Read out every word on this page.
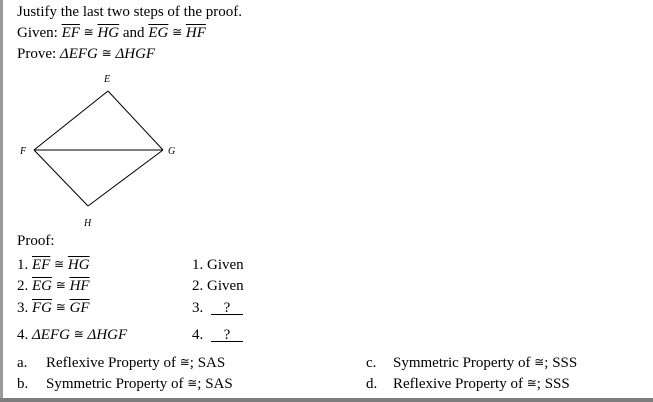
Justify the last two steps of the proof.
Given: $\overline{EF}$ ≅ $\overline{HG}$ and $\overline{EG}$ ≅ $\overline{HF}$
Prove: ΔEFG ≅ ΔHGF
E
F	G
H
Proof:
1. $\overline{EF}$ ≅ $\overline{HG}$
2. $\overline{EG}$ ≅ $\overline{HF}$
3. $\overline{FG}$ ≅ $\overline{GF}$
4. ΔEFG ≅ ΔHGF
1. Given
2. Given
3. ?
4. ?
a. Reflexive Property of ≅; SAS
b. Symmetric Property of ≅; SAS
c. Symmetric Property of ≅; SSS
d. Reflexive Property of ≅; SSS
